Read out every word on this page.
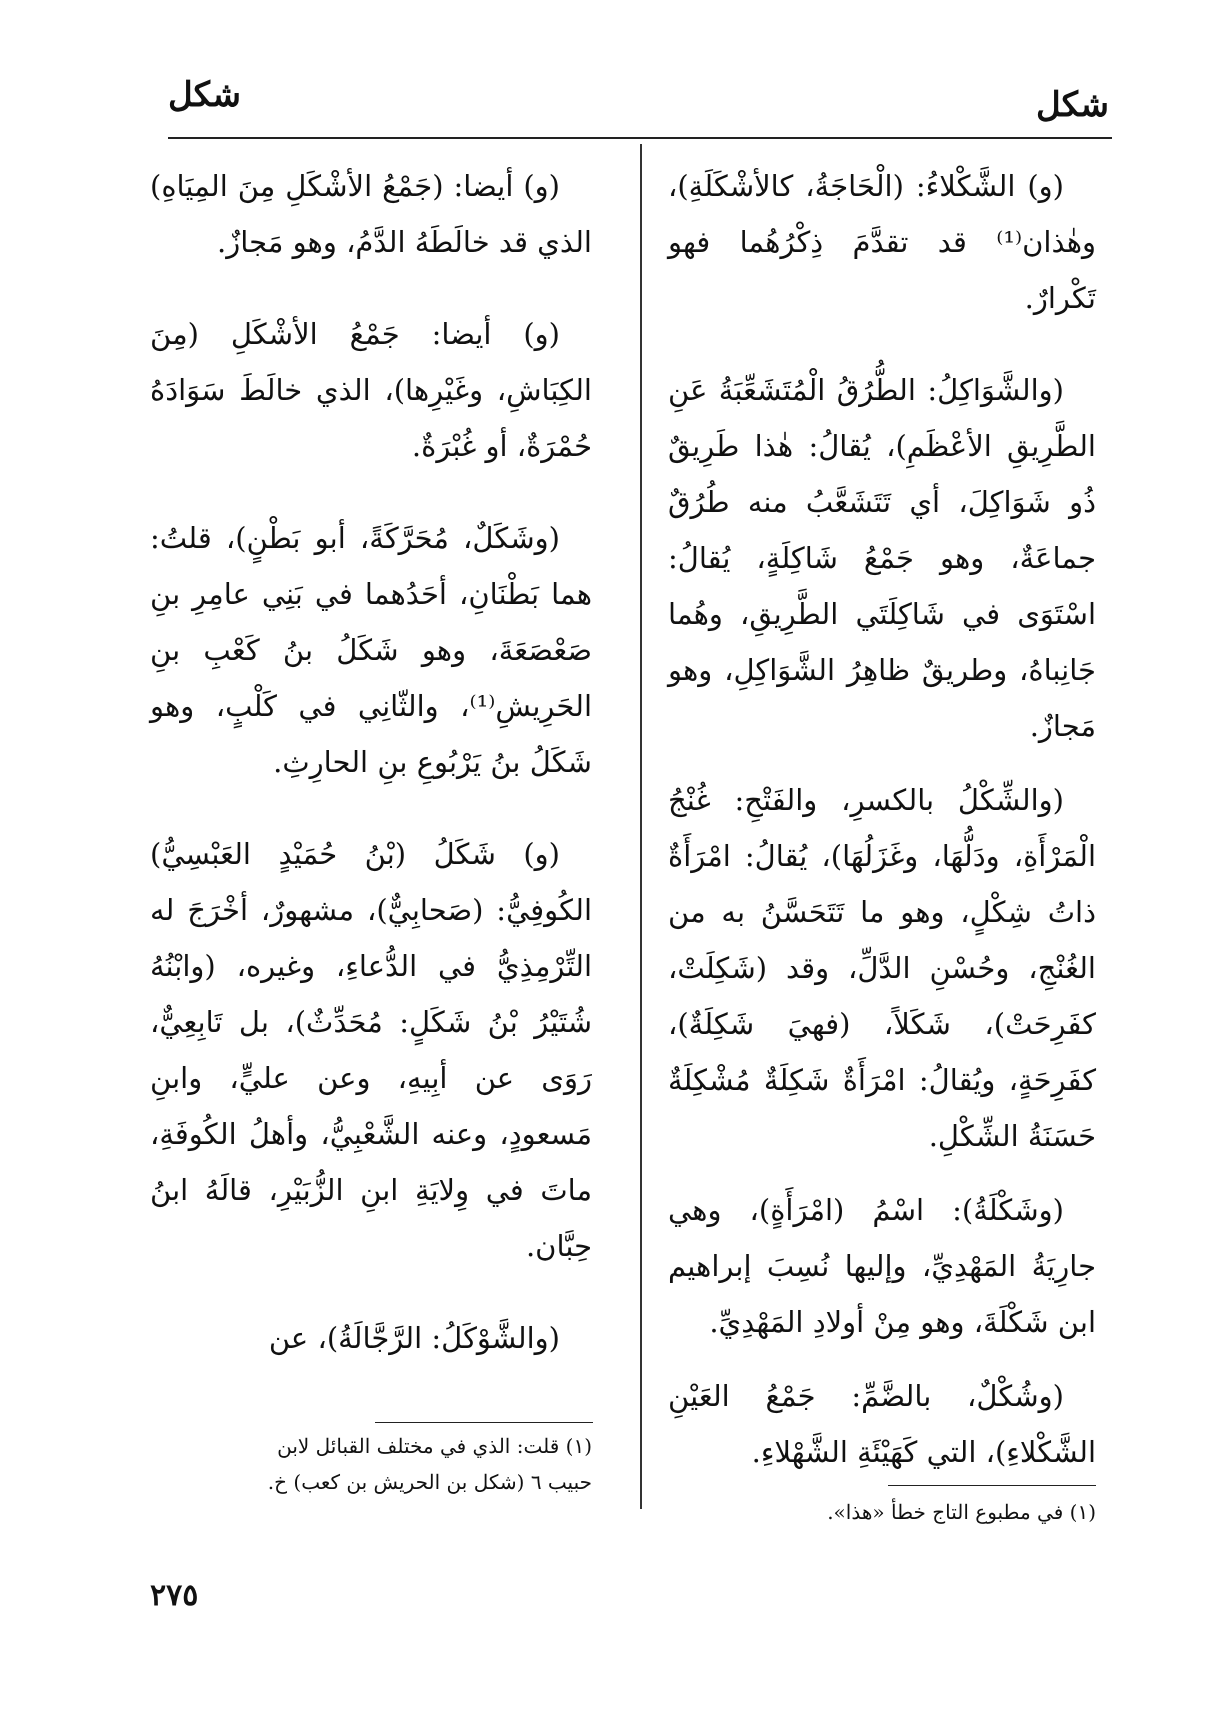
شكل
شكل

(و) الشَّكْلاءُ: (الْحَاجَةُ، كالأشْكَلَةِ)، وهٰذان⁽¹⁾ قد تقدَّمَ ذِكْرُهُما فهو تَكْرارٌ.

(والشَّوَاكِلُ: الطُّرُقُ الْمُتَشَعِّبَةُ عَنِ الطَّرِيقِ الأعْظَمِ)، يُقالُ: هٰذا طَرِيقٌ ذُو شَوَاكِلَ، أي تَتَشَعَّبُ منه طُرُقٌ جماعَةٌ، وهو جَمْعُ شَاكِلَةٍ، يُقالُ: اسْتَوَى في شَاكِلَتَي الطَّرِيقِ، وهُما جَانِباهُ، وطريقٌ ظاهِرُ الشَّوَاكِلِ، وهو مَجازٌ.

(والشِّكْلُ بالكسرِ، والفَتْحِ: غُنْجُ الْمَرْأَةِ، ودَلُّهَا، وغَزَلُهَا)، يُقالُ: امْرَأَةٌ ذاتُ شِكْلٍ، وهو ما تَتَحَسَّنُ به من الغُنْجِ، وحُسْنِ الدَّلِّ، وقد (شَكِلَتْ، كفَرِحَتْ)، شَكَلاً، (فهيَ شَكِلَةٌ)، كفَرِحَةٍ، ويُقالُ: امْرَأَةٌ شَكِلَةٌ مُشْكِلَةٌ حَسَنَةُ الشِّكْلِ.

(وشَكْلَةُ): اسْمُ (امْرَأَةٍ)، وهي جارِيَةُ المَهْدِيِّ، وإليها نُسِبَ إبراهيم ابن شَكْلَةَ، وهو مِنْ أولادِ المَهْدِيِّ.

(وشُكْلٌ، بالضَّمِّ: جَمْعُ العَيْنِ الشَّكْلاءِ)، التي كَهَيْئَةِ الشَّهْلاءِ.

(و) أيضا: (جَمْعُ الأشْكَلِ مِنَ المِيَاهِ) الذي قد خالَطَهُ الدَّمُ، وهو مَجازٌ.

(و) أيضا: جَمْعُ الأشْكَلِ (مِنَ الكِبَاشِ، وغَيْرِها)، الذي خالَطَ سَوَادَهُ حُمْرَةٌ، أو غُبْرَةٌ.

(وشَكَلٌ، مُحَرَّكَةً، أبو بَطْنٍ)، قلتُ: هما بَطْنَانِ، أحَدُهما في بَنِي عامِرِ بنِ صَعْصَعَةَ، وهو شَكَلُ بنُ كَعْبِ بنِ الحَرِيشِ⁽¹⁾، والثّانِي في كَلْبٍ، وهو شَكَلُ بنُ يَرْبُوعِ بنِ الحارِثِ.

(و) شَكَلُ (بْنُ حُمَيْدٍ العَبْسِيُّ) الكُوفِيُّ: (صَحابِيٌّ)، مشهورٌ، أخْرَجَ له التِّرْمِذِيُّ في الدُّعاءِ، وغيره، (وابْنُهُ شُتَيْرُ بْنُ شَكَلٍ: مُحَدِّثٌ)، بل تَابِعِيٌّ، رَوَى عن أبِيهِ، وعن عليٍّ، وابنِ مَسعودٍ، وعنه الشَّعْبِيُّ، وأهلُ الكُوفَةِ، ماتَ في وِلايَةِ ابنِ الزُّبَيْرِ، قالَهُ ابنُ حِبَّان.

(والشَّوْكَلُ: الرَّجَّالَةُ)، عن

(١) في مطبوع التاج خطأ «هذا».
(١) قلت: الذي في مختلف القبائل لابن حبيب ٦ (شكل بن الحريش بن كعب) خ.
٢٧٥
